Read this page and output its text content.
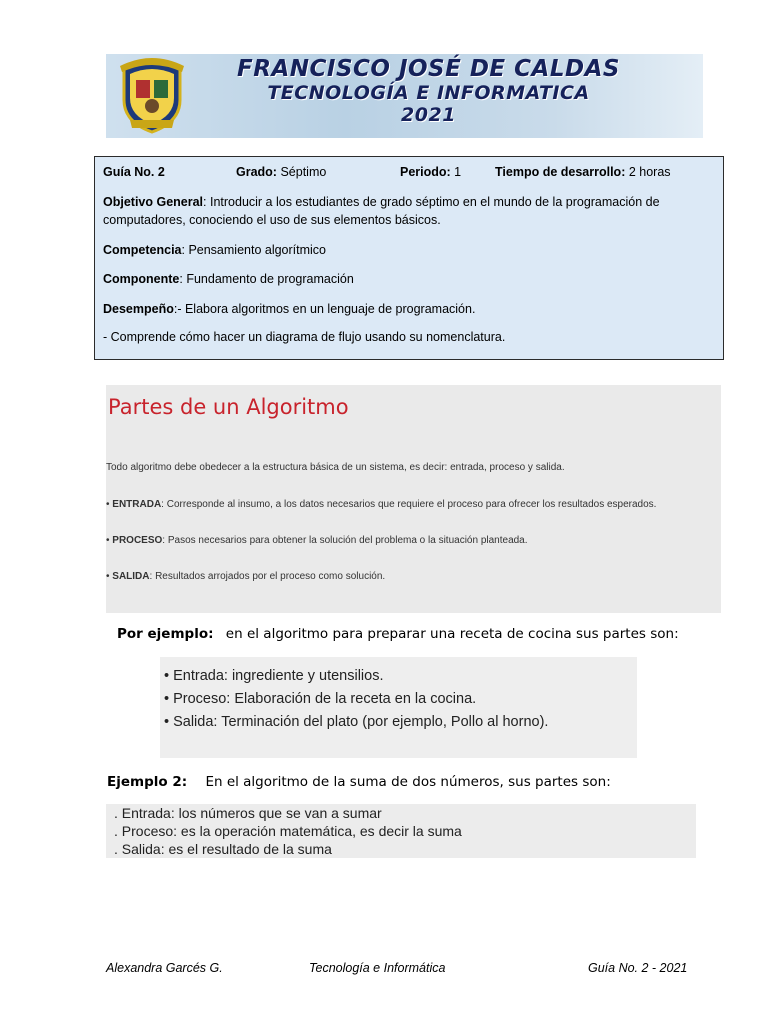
FRANCISCO JOSÉ DE CALDAS
TECNOLOGÍA E INFORMATICA
2021

Guía No. 2	Grado: Séptimo	Periodo: 1	Tiempo de desarrollo: 2 horas

Objetivo General: Introducir a los estudiantes de grado séptimo en el mundo de la programación de computadores, conociendo el uso de sus elementos básicos.

Competencia: Pensamiento algorítmico

Componente: Fundamento de programación

Desempeño:- Elabora algoritmos en un lenguaje de programación.

- Comprende cómo hacer un diagrama de flujo usando su nomenclatura.

Partes de un Algoritmo

Todo algoritmo debe obedecer a la estructura básica de un sistema, es decir: entrada, proceso y salida.

• ENTRADA: Corresponde al insumo, a los datos necesarios que requiere el proceso para ofrecer los resultados esperados.

• PROCESO: Pasos necesarios para obtener la solución del problema o la situación planteada.

• SALIDA: Resultados arrojados por el proceso como solución.

Por ejemplo: en el algoritmo para preparar una receta de cocina sus partes son:

• Entrada: ingrediente y utensilios.

• Proceso: Elaboración de la receta en la cocina.

• Salida: Terminación del plato (por ejemplo, Pollo al horno).

Ejemplo 2: En el algoritmo de la suma de dos números, sus partes son:

. Entrada: los números que se van a sumar

. Proceso: es la operación matemática, es decir la suma

. Salida: es el resultado de la suma

Alexandra Garcés G.	Tecnología e Informática	Guía No. 2 - 2021
